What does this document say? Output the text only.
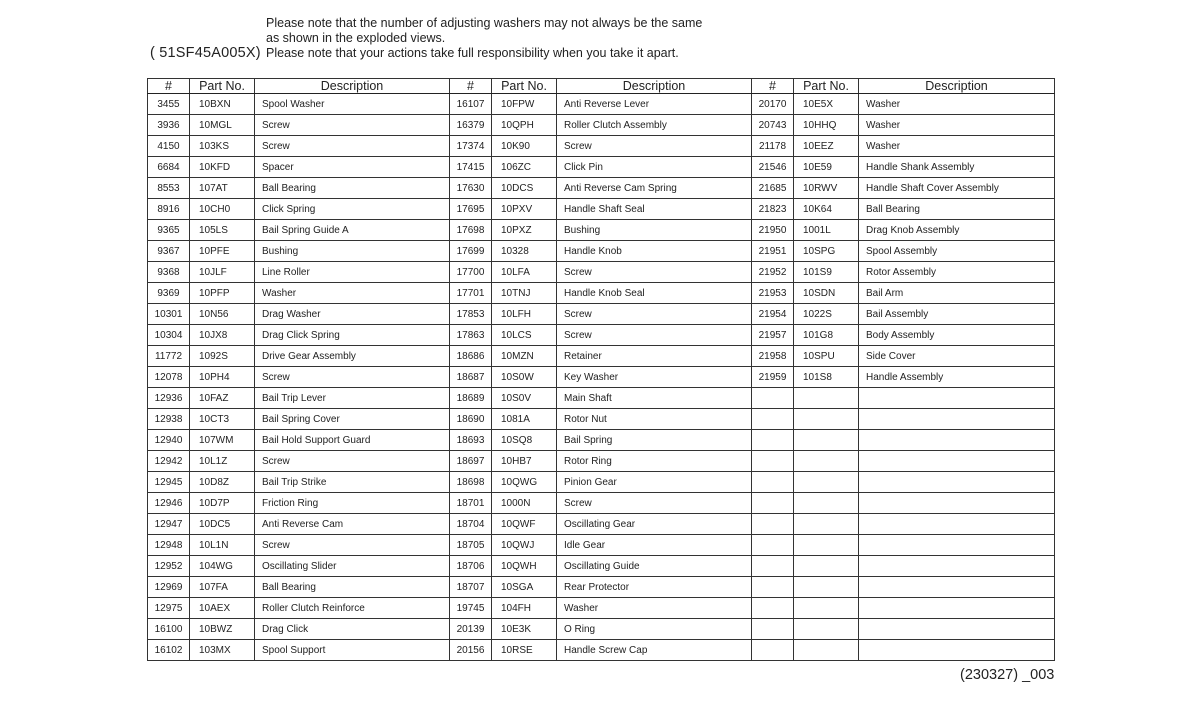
Please note that the number of adjusting washers may not always be the same
as shown in the exploded views.
Please note that your actions take full responsibility when you take it apart.
( 51SF45A005X)
#	Part No.	Description	#	Part No.	Description	#	Part No.	Description
3455	10BXN	Spool Washer	16107	10FPW	Anti Reverse Lever	20170	10E5X	Washer
3936	10MGL	Screw	16379	10QPH	Roller Clutch Assembly	20743	10HHQ	Washer
4150	103KS	Screw	17374	10K90	Screw	21178	10EEZ	Washer
6684	10KFD	Spacer	17415	106ZC	Click Pin	21546	10E59	Handle Shank Assembly
8553	107AT	Ball Bearing	17630	10DCS	Anti Reverse Cam Spring	21685	10RWV	Handle Shaft Cover Assembly
8916	10CH0	Click Spring	17695	10PXV	Handle Shaft Seal	21823	10K64	Ball Bearing
9365	105LS	Bail Spring Guide A	17698	10PXZ	Bushing	21950	1001L	Drag Knob Assembly
9367	10PFE	Bushing	17699	10328	Handle Knob	21951	10SPG	Spool Assembly
9368	10JLF	Line Roller	17700	10LFA	Screw	21952	101S9	Rotor Assembly
9369	10PFP	Washer	17701	10TNJ	Handle Knob Seal	21953	10SDN	Bail Arm
10301	10N56	Drag Washer	17853	10LFH	Screw	21954	1022S	Bail Assembly
10304	10JX8	Drag Click Spring	17863	10LCS	Screw	21957	101G8	Body Assembly
11772	1092S	Drive Gear Assembly	18686	10MZN	Retainer	21958	10SPU	Side Cover
12078	10PH4	Screw	18687	10S0W	Key Washer	21959	101S8	Handle Assembly
12936	10FAZ	Bail Trip Lever	18689	10S0V	Main Shaft			
12938	10CT3	Bail Spring Cover	18690	1081A	Rotor Nut			
12940	107WM	Bail Hold Support Guard	18693	10SQ8	Bail Spring			
12942	10L1Z	Screw	18697	10HB7	Rotor Ring			
12945	10D8Z	Bail Trip Strike	18698	10QWG	Pinion Gear			
12946	10D7P	Friction Ring	18701	1000N	Screw			
12947	10DC5	Anti Reverse Cam	18704	10QWF	Oscillating Gear			
12948	10L1N	Screw	18705	10QWJ	Idle Gear			
12952	104WG	Oscillating Slider	18706	10QWH	Oscillating Guide			
12969	107FA	Ball Bearing	18707	10SGA	Rear Protector			
12975	10AEX	Roller Clutch Reinforce	19745	104FH	Washer			
16100	10BWZ	Drag Click	20139	10E3K	O Ring			
16102	103MX	Spool Support	20156	10RSE	Handle Screw Cap			
(230327) _003
